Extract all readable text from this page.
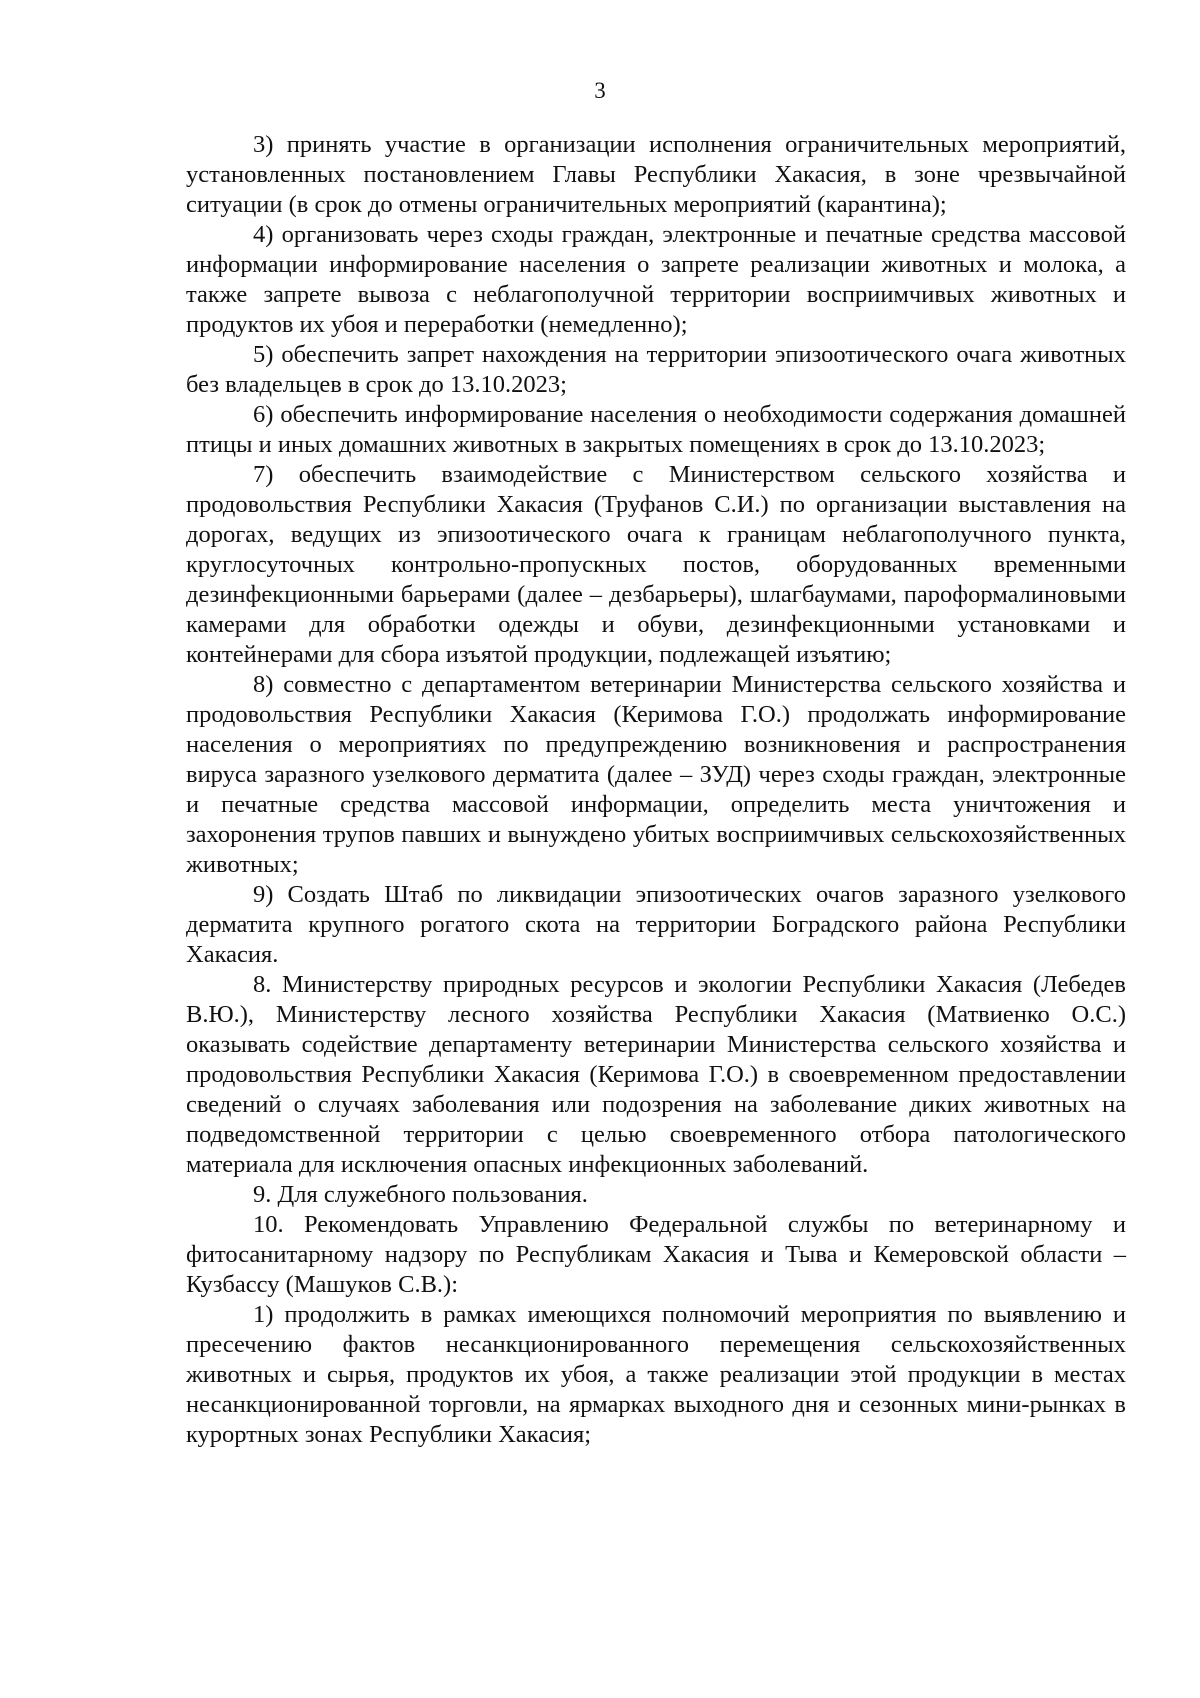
3

3) принять участие в организации исполнения ограничительных мероприятий, установленных постановлением Главы Республики Хакасия, в зоне чрезвычайной ситуации (в срок до отмены ограничительных мероприятий (карантина);

4) организовать через сходы граждан, электронные и печатные средства массовой информации информирование населения о запрете реализации животных и молока, а также запрете вывоза с неблагополучной территории восприимчивых животных и продуктов их убоя и переработки (немедленно);

5) обеспечить запрет нахождения на территории эпизоотического очага животных без владельцев в срок до 13.10.2023;

6) обеспечить информирование населения о необходимости содержания домашней птицы и иных домашних животных в закрытых помещениях в срок до 13.10.2023;

7) обеспечить взаимодействие с Министерством сельского хозяйства и продовольствия Республики Хакасия (Труфанов С.И.) по организации выставления на дорогах, ведущих из эпизоотического очага к границам неблагополучного пункта, круглосуточных контрольно-пропускных постов, оборудованных временными дезинфекционными барьерами (далее – дезбарьеры), шлагбаумами, пароформалиновыми камерами для обработки одежды и обуви, дезинфекционными установками и контейнерами для сбора изъятой продукции, подлежащей изъятию;

8) совместно с департаментом ветеринарии Министерства сельского хозяйства и продовольствия Республики Хакасия (Керимова Г.О.) продолжать информирование населения о мероприятиях по предупреждению возникновения и распространения вируса заразного узелкового дерматита (далее – ЗУД) через сходы граждан, электронные и печатные средства массовой информации, определить места уничтожения и захоронения трупов павших и вынуждено убитых восприимчивых сельскохозяйственных животных;

9) Создать Штаб по ликвидации эпизоотических очагов заразного узелкового дерматита крупного рогатого скота на территории Боградского района Республики Хакасия.

8. Министерству природных ресурсов и экологии Республики Хакасия (Лебедев В.Ю.), Министерству лесного хозяйства Республики Хакасия (Матвиенко О.С.) оказывать содействие департаменту ветеринарии Министерства сельского хозяйства и продовольствия Республики Хакасия (Керимова Г.О.) в своевременном предоставлении сведений о случаях заболевания или подозрения на заболевание диких животных на подведомственной территории с целью своевременного отбора патологического материала для исключения опасных инфекционных заболеваний.

9. Для служебного пользования.

10. Рекомендовать Управлению Федеральной службы по ветеринарному и фитосанитарному надзору по Республикам Хакасия и Тыва и Кемеровской области – Кузбассу (Машуков С.В.):

1) продолжить в рамках имеющихся полномочий мероприятия по выявлению и пресечению фактов несанкционированного перемещения сельскохозяйственных животных и сырья, продуктов их убоя, а также реализации этой продукции в местах несанкционированной торговли, на ярмарках выходного дня и сезонных мини-рынках в курортных зонах Республики Хакасия;
